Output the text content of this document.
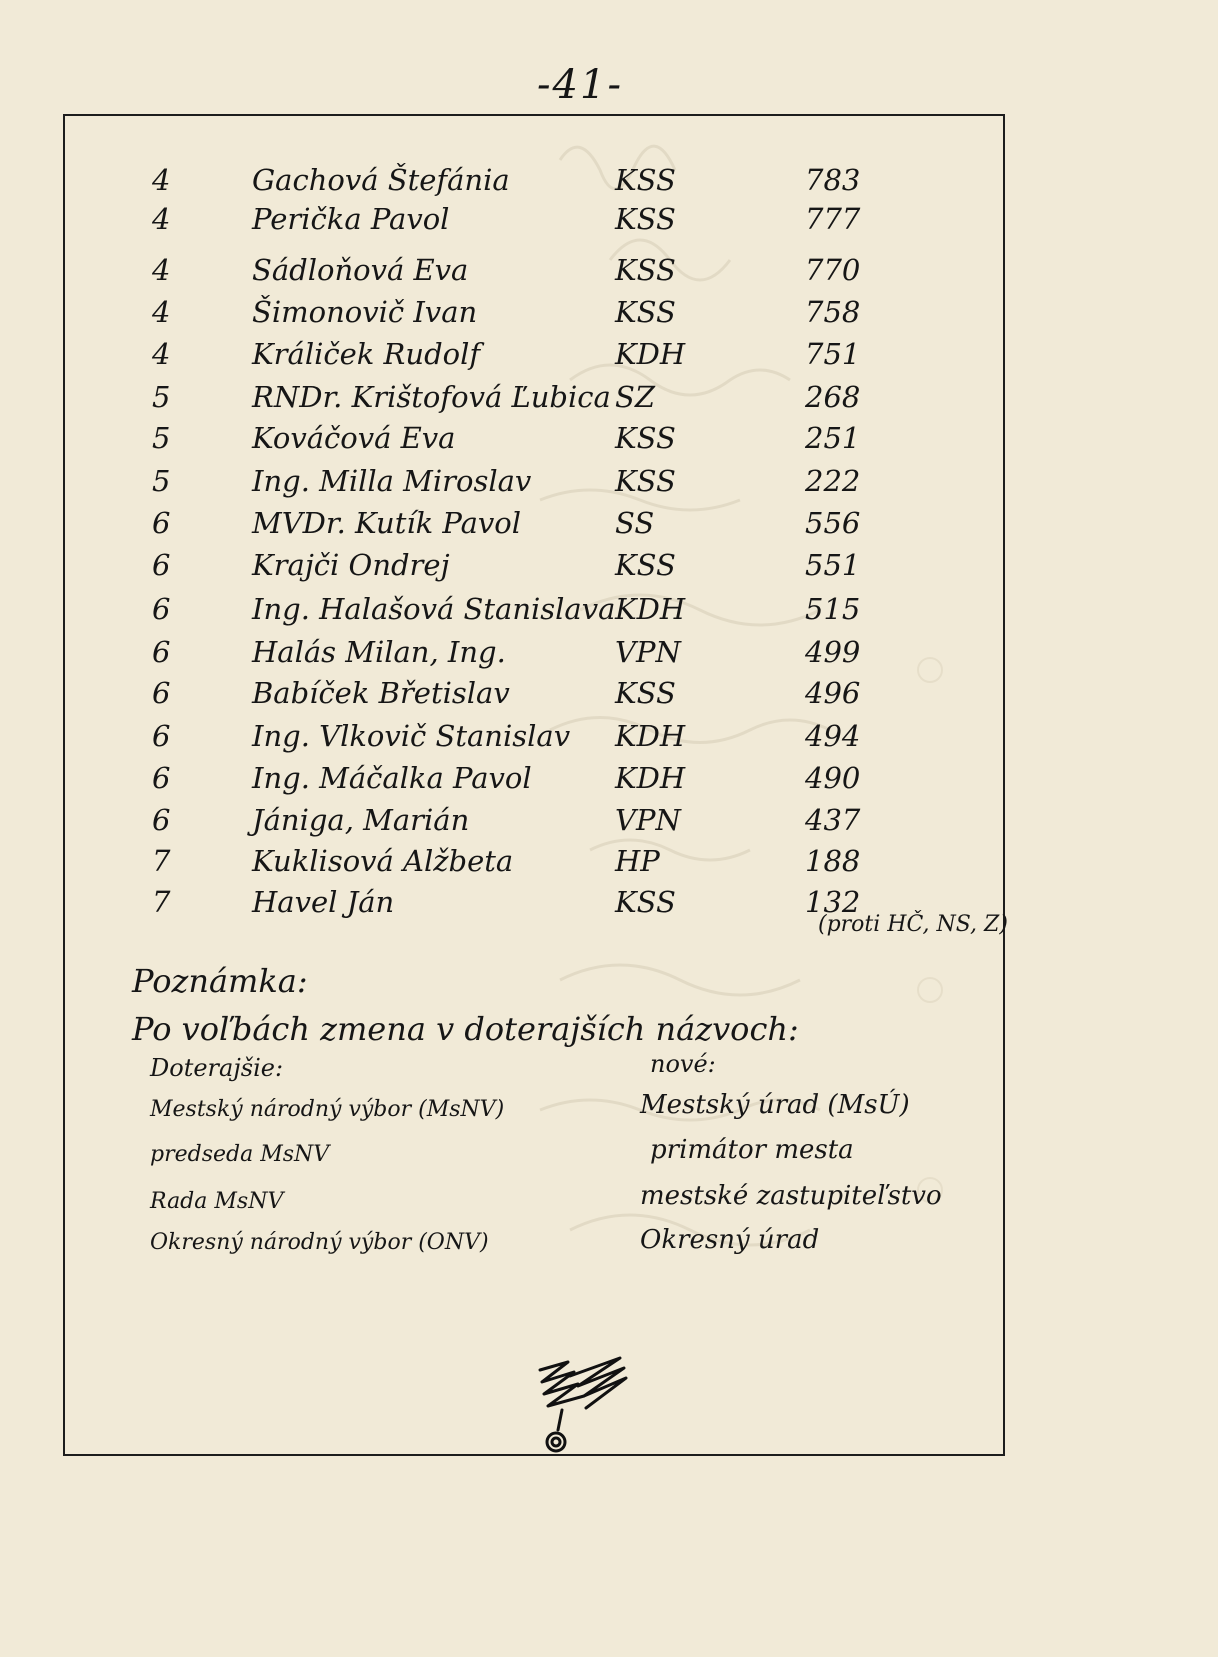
-41-
4	Gachová Štefánia	KSS	783
4	Perička Pavol	KSS	777
4	Sádloňová Eva	KSS	770
4	Šimonovič Ivan	KSS	758
4	Králiček Rudolf	KDH	751
5	RNDr. Krištofová Ľubica SZ	268
5	Kováčová Eva	KSS	251
5	Ing. Milla Miroslav	KSS	222
6	MVDr. Kutík Pavol	SS	556
6	Krajči Ondrej	KSS	551
6	Ing. Halašová Stanislava KDH	515
6	Halás Milan, Ing.	VPN	499
6	Babíček Břetislav	KSS	496
6	Ing. Vlkovič Stanislav KDH	494
6	Ing. Máčalka Pavol	KDH	490
6	Jániga, Marián	VPN	437
7	Kuklisová Alžbeta	HP	188
7	Havel Ján	KSS	132
(proti HČ, NS, Z)
Poznámka:
Po voľbách zmena v doterajších názvoch:
Doterajšie:	nové:
Mestský národný výbor (MsNV)	Mestský úrad (MsÚ)
predseda MsNV	primátor mesta
Rada MsNV	mestské zastupiteľstvo
Okresný národný výbor (ONV)	Okresný úrad
